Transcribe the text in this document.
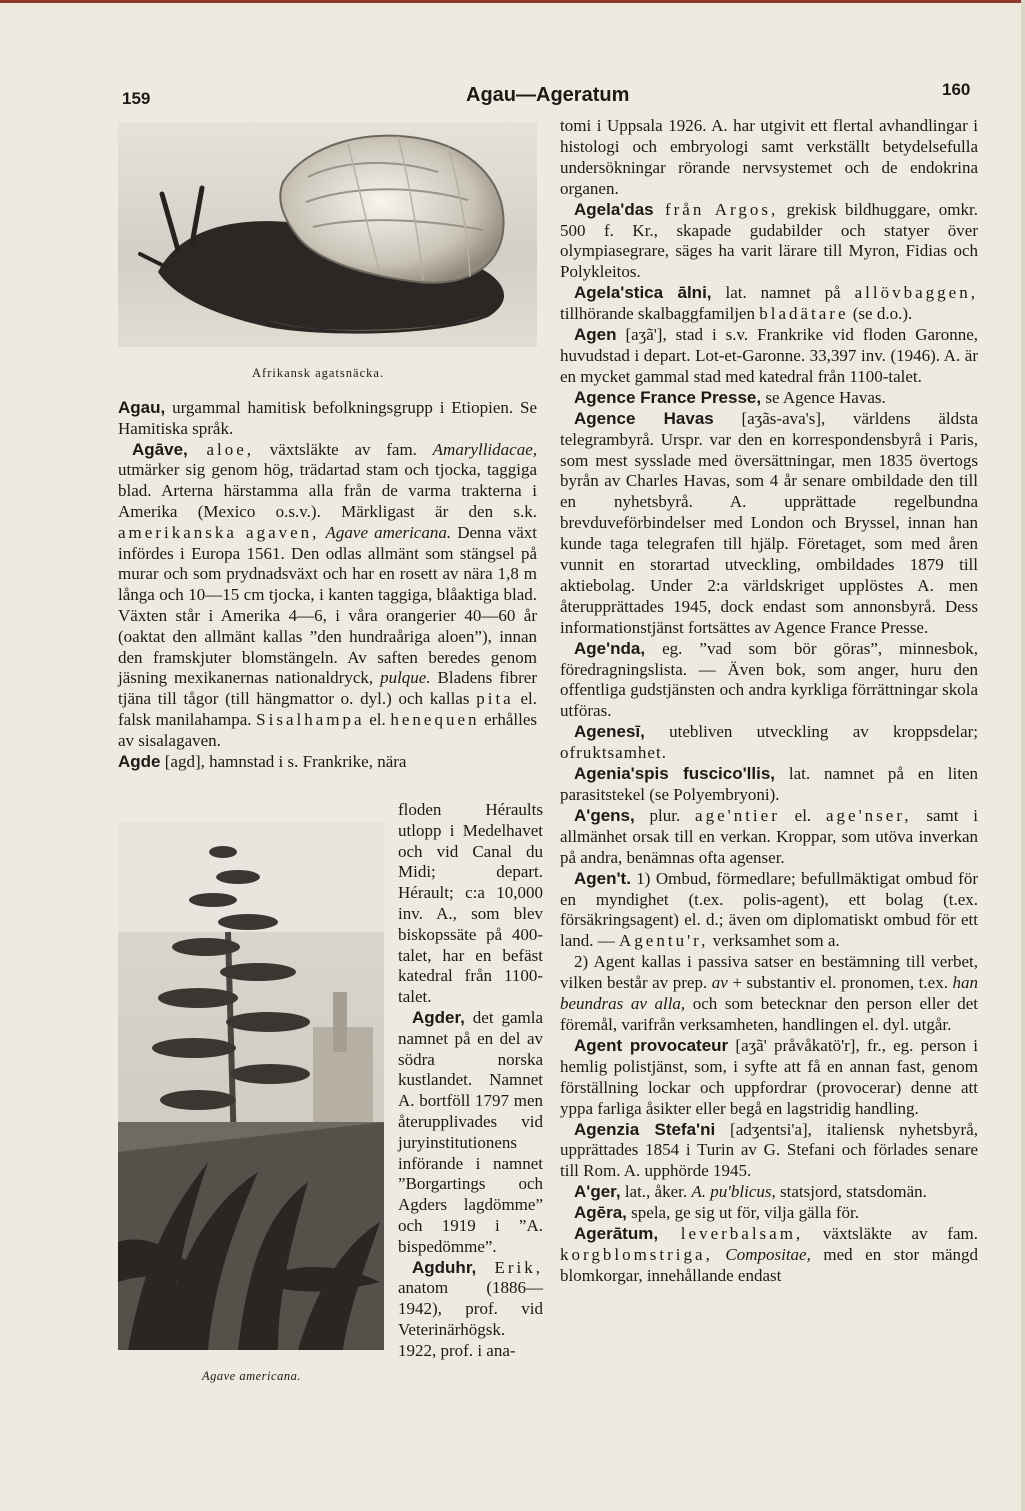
159	Agau—Ageratum	160
Afrikansk agatsnäcka.

Agau, urgammal hamitisk befolkningsgrupp i Etiopien. Se Hamitiska språk.

Agāve, aloe, växtsläkte av fam. Amaryllidacae, utmärker sig genom hög, trädartad stam och tjocka, taggiga blad. Arterna härstamma alla från de varma trakterna i Amerika (Mexico o.s.v.). Märkligast är den s.k. amerikanska agaven, Agave americana. Denna växt infördes i Europa 1561. Den odlas allmänt som stängsel på murar och som prydnadsväxt och har en rosett av nära 1,8 m långa och 10—15 cm tjocka, i kanten taggiga, blåaktiga blad. Växten står i Amerika 4—6, i våra orangerier 40—60 år (oaktat den allmänt kallas ”den hundraåriga aloen”), innan den framskjuter blomstängeln. Av saften beredes genom jäsning mexikanernas nationaldryck, pulque. Bladens fibrer tjäna till tågor (till hängmattor o. dyl.) och kallas pita el. falsk manilahampa. Sisalhampa el. henequen erhålles av sisalagaven.

Agde [agd], hamnstad i s. Frankrike, nära

Agave americana.

floden Héraults utlopp i Medelhavet och vid Canal du Midi; depart. Hérault; c:a 10,000 inv. A., som blev biskopssäte på 400-talet, har en befäst katedral från 1100-talet.

Agder, det gamla namnet på en del av södra norska kustlandet. Namnet A. bortföll 1797 men återupplivades vid juryinstitutionens införande i namnet ”Borgartings och Agders lagdömme” och 1919 i ”A. bispedömme”.

Agduhr, Erik, anatom (1886—1942), prof. vid Veterinärhögsk. 1922, prof. i ana-

tomi i Uppsala 1926. A. har utgivit ett flertal avhandlingar i histologi och embryologi samt verkställt betydelsefulla undersökningar rörande nervsystemet och de endokrina organen.

Agela'das från Argos, grekisk bildhuggare, omkr. 500 f. Kr., skapade gudabilder och statyer över olympiasegrare, säges ha varit lärare till Myron, Fidias och Polykleitos.

Agela'stica ālni, lat. namnet på allövbaggen, tillhörande skalbaggfamiljen bladätare (se d.o.).

Agen [aʒã'], stad i s.v. Frankrike vid floden Garonne, huvudstad i depart. Lot-et-Garonne. 33,397 inv. (1946). A. är en mycket gammal stad med katedral från 1100-talet.

Agence France Presse, se Agence Havas.

Agence Havas [aʒãs-ava's], världens äldsta telegrambyrå. Urspr. var den en korrespondensbyrå i Paris, som mest sysslade med översättningar, men 1835 övertogs byrån av Charles Havas, som 4 år senare ombildade den till en nyhetsbyrå. A. upprättade regelbundna brevduveförbindelser med London och Bryssel, innan han kunde taga telegrafen till hjälp. Företaget, som med åren vunnit en storartad utveckling, ombildades 1879 till aktiebolag. Under 2:a världskriget upplöstes A. men återupprättades 1945, dock endast som annonsbyrå. Dess informationstjänst fortsättes av Agence France Presse.

Age'nda, eg. ”vad som bör göras”, minnesbok, föredragningslista. — Även bok, som anger, huru den offentliga gudstjänsten och andra kyrkliga förrättningar skola utföras.

Agenesī, utebliven utveckling av kroppsdelar; ofruktsamhet.

Agenia'spis fuscico'llis, lat. namnet på en liten parasitstekel (se Polyembryoni).

A'gens, plur. age'ntier el. age'nser, samt i allmänhet orsak till en verkan. Kroppar, som utöva inverkan på andra, benämnas ofta agenser.

Agen't. 1) Ombud, förmedlare; befullmäktigat ombud för en myndighet (t.ex. polis-agent), ett bolag (t.ex. försäkringsagent) el. d.; även om diplomatiskt ombud för ett land. — Agentu'r, verksamhet som a.

2) Agent kallas i passiva satser en bestämning till verbet, vilken består av prep. av + substantiv el. pronomen, t.ex. han beundras av alla, och som betecknar den person eller det föremål, varifrån verksamheten, handlingen el. dyl. utgår.

Agent provocateur [aʒã' pråvåkatö'r], fr., eg. person i hemlig polistjänst, som, i syfte att få en annan fast, genom förställning lockar och uppfordrar (provocerar) denne att yppa farliga åsikter eller begå en lagstridig handling.

Agenzia Stefa'ni [adʒentsi'a], italiensk nyhetsbyrå, upprättades 1854 i Turin av G. Stefani och förlades senare till Rom. A. upphörde 1945.

A'ger, lat., åker. A. pu'blicus, statsjord, statsdomän.

Agēra, spela, ge sig ut för, vilja gälla för.

Agerātum, leverbalsam, växtsläkte av fam. korgblomstriga, Compositae, med en stor mängd blomkorgar, innehållande endast
